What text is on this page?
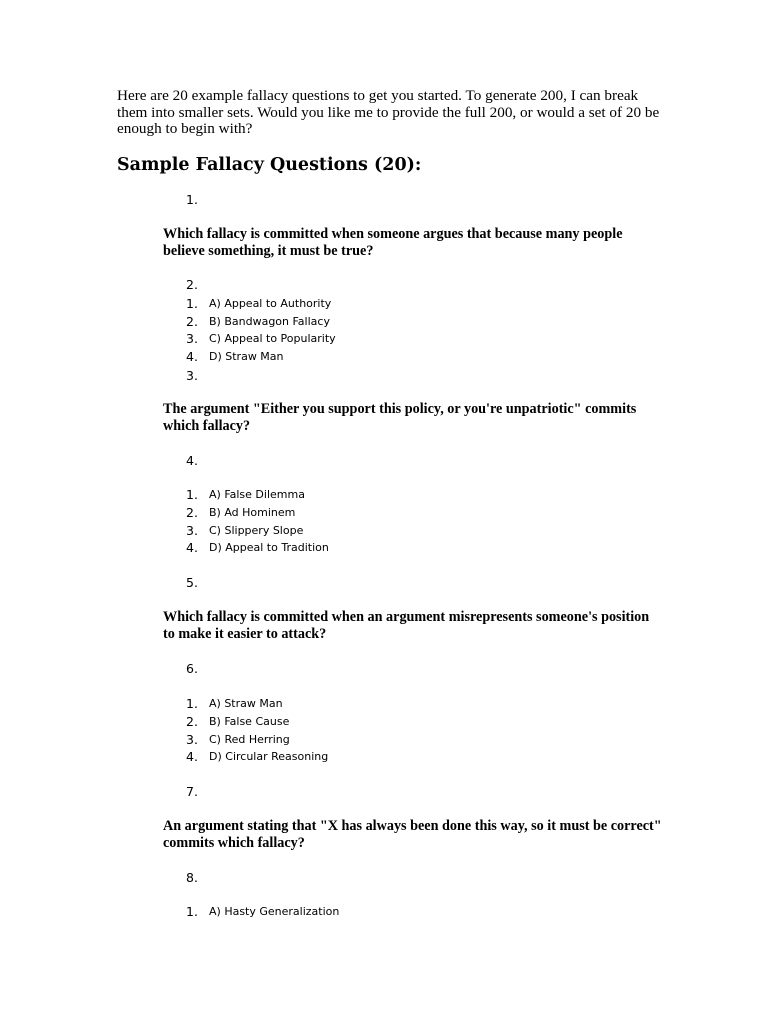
Here are 20 example fallacy questions to get you started. To generate 200, I can break them into smaller sets. Would you like me to provide the full 200, or would a set of 20 be enough to begin with?

Sample Fallacy Questions (20):
1.

Which fallacy is committed when someone argues that because many people believe something, it must be true?

2.
1. A) Appeal to Authority
2. B) Bandwagon Fallacy
3. C) Appeal to Popularity
4. D) Straw Man
3.

The argument "Either you support this policy, or you're unpatriotic" commits which fallacy?

4.
1. A) False Dilemma
2. B) Ad Hominem
3. C) Slippery Slope
4. D) Appeal to Tradition
5.

Which fallacy is committed when an argument misrepresents someone's position to make it easier to attack?

6.
1. A) Straw Man
2. B) False Cause
3. C) Red Herring
4. D) Circular Reasoning
7.

An argument stating that "X has always been done this way, so it must be correct" commits which fallacy?

8.
1. A) Hasty Generalization
